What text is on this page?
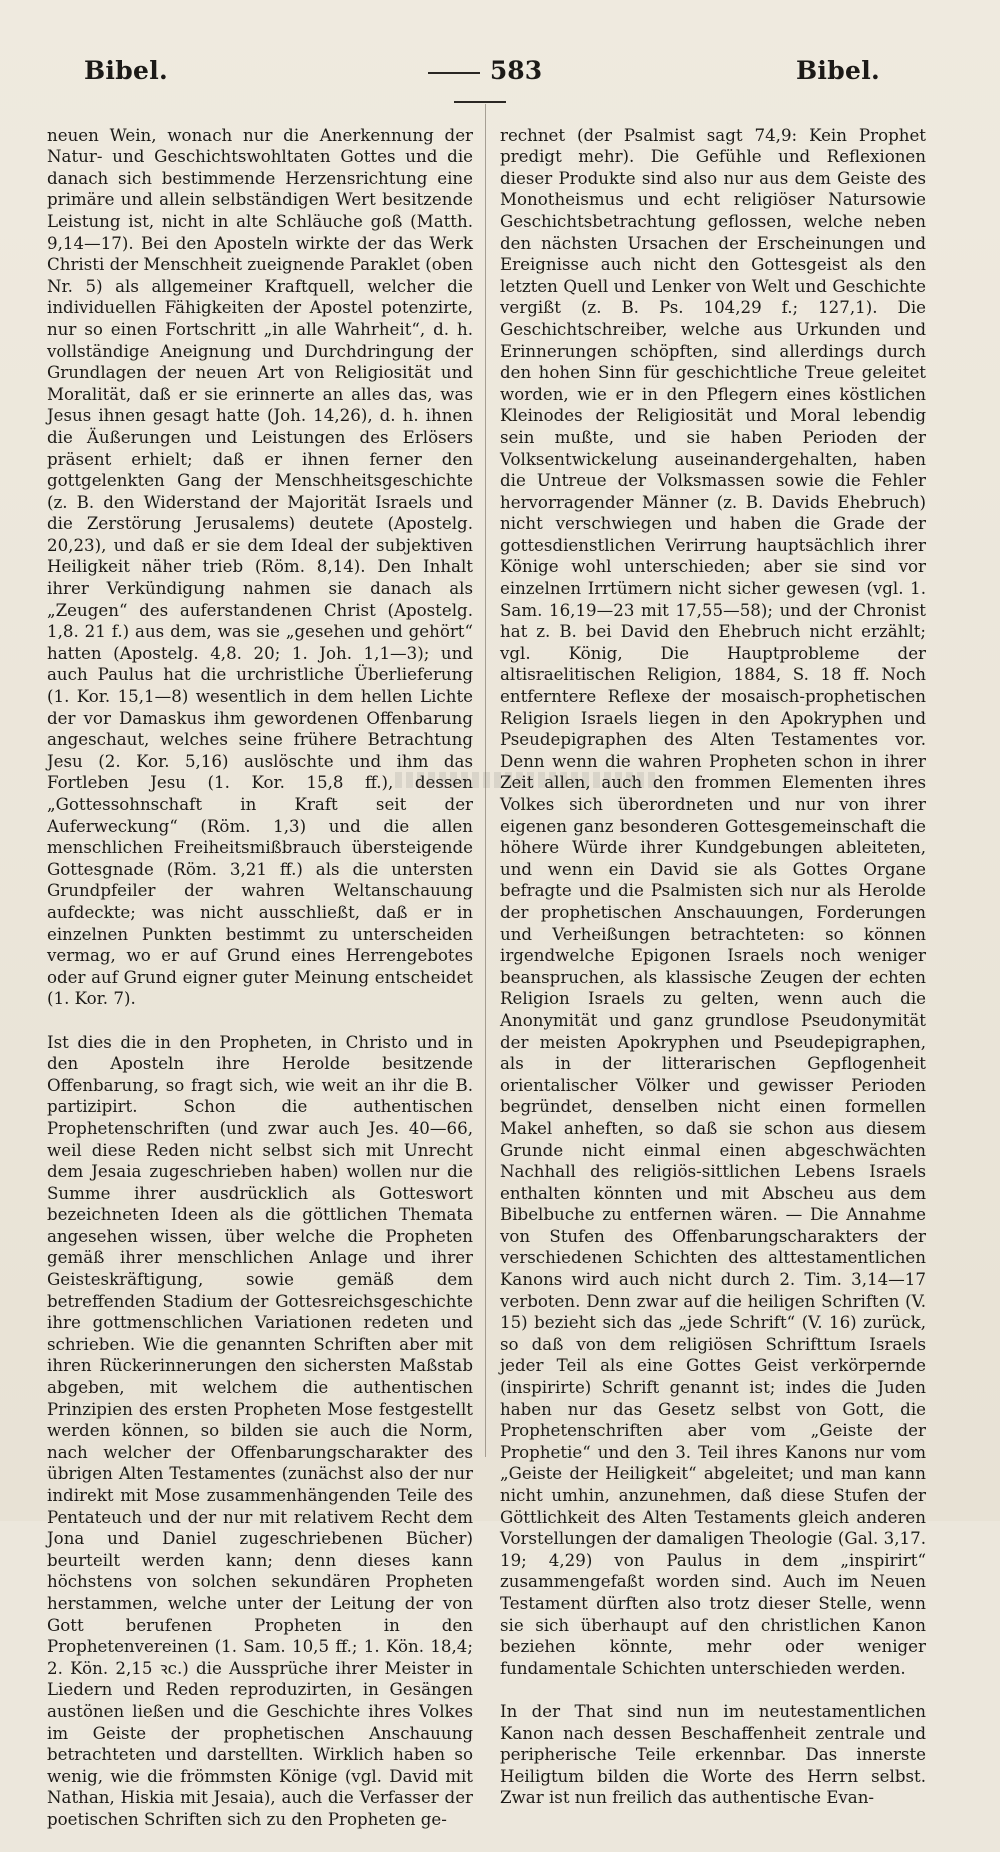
Bibel.	583	Bibel.

neuen Wein, wonach nur die Anerkennung der Natur- und Geschichtswohltaten Gottes und die danach sich bestimmende Herzensrichtung eine primäre und allein selbständigen Wert besitzende Leistung ist, nicht in alte Schläuche goß (Matth. 9,14—17). Bei den Aposteln wirkte der das Werk Christi der Menschheit zueignende Paraklet (oben Nr. 5) als allgemeiner Kraftquell, welcher die individuellen Fähigkeiten der Apostel potenzirte, nur so einen Fortschritt „in alle Wahrheit“, d. h. vollständige Aneignung und Durchdringung der Grundlagen der neuen Art von Religiosität und Moralität, daß er sie erinnerte an alles das, was Jesus ihnen gesagt hatte (Joh. 14,26), d. h. ihnen die Äußerungen und Leistungen des Erlösers präsent erhielt; daß er ihnen ferner den gottgelenkten Gang der Menschheitsgeschichte (z. B. den Widerstand der Majorität Israels und die Zerstörung Jerusalems) deutete (Apostelg. 20,23), und daß er sie dem Ideal der subjektiven Heiligkeit näher trieb (Röm. 8,14). Den Inhalt ihrer Verkündigung nahmen sie danach als „Zeugen“ des auferstandenen Christ (Apostelg. 1,8. 21 f.) aus dem, was sie „gesehen und gehört“ hatten (Apostelg. 4,8. 20; 1. Joh. 1,1—3); und auch Paulus hat die urchristliche Überlieferung (1. Kor. 15,1—8) wesentlich in dem hellen Lichte der vor Damaskus ihm gewordenen Offenbarung angeschaut, welches seine frühere Betrachtung Jesu (2. Kor. 5,16) auslöschte und ihm das Fortleben Jesu (1. Kor. 15,8 ff.), dessen „Gottessohnschaft in Kraft seit der Auferweckung“ (Röm. 1,3) und die allen menschlichen Freiheitsmißbrauch übersteigende Gottesgnade (Röm. 3,21 ff.) als die untersten Grundpfeiler der wahren Weltanschauung aufdeckte; was nicht ausschließt, daß er in einzelnen Punkten bestimmt zu unterscheiden vermag, wo er auf Grund eines Herrengebotes oder auf Grund eigner guter Meinung entscheidet (1. Kor. 7).

Ist dies die in den Propheten, in Christo und in den Aposteln ihre Herolde besitzende Offenbarung, so fragt sich, wie weit an ihr die B. partizipirt. Schon die authentischen Prophetenschriften (und zwar auch Jes. 40—66, weil diese Reden nicht selbst sich mit Unrecht dem Jesaia zugeschrieben haben) wollen nur die Summe ihrer ausdrücklich als Gotteswort bezeichneten Ideen als die göttlichen Themata angesehen wissen, über welche die Propheten gemäß ihrer menschlichen Anlage und ihrer Geisteskräftigung, sowie gemäß dem betreffenden Stadium der Gottesreichsgeschichte ihre gottmenschlichen Variationen redeten und schrieben. Wie die genannten Schriften aber mit ihren Rückerinnerungen den sichersten Maßstab abgeben, mit welchem die authentischen Prinzipien des ersten Propheten Mose festgestellt werden können, so bilden sie auch die Norm, nach welcher der Offenbarungscharakter des übrigen Alten Testamentes (zunächst also der nur indirekt mit Mose zusammenhängenden Teile des Pentateuch und der nur mit relativem Recht dem Jona und Daniel zugeschriebenen Bücher) beurteilt werden kann; denn dieses kann höchstens von solchen sekundären Propheten herstammen, welche unter der Leitung der von Gott berufenen Propheten in den Prophetenvereinen (1. Sam. 10,5 ff.; 1. Kön. 18,4; 2. Kön. 2,15 ꝛc.) die Aussprüche ihrer Meister in Liedern und Reden reproduzirten, in Gesängen austönen ließen und die Geschichte ihres Volkes im Geiste der prophetischen Anschauung betrachteten und darstellten. Wirklich haben so wenig, wie die frömmsten Könige (vgl. David mit Nathan, Hiskia mit Jesaia), auch die Verfasser der poetischen Schriften sich zu den Propheten ge-

rechnet (der Psalmist sagt 74,9: Kein Prophet predigt mehr). Die Gefühle und Reflexionen dieser Produkte sind also nur aus dem Geiste des Monotheismus und echt religiöser Natursowie Geschichtsbetrachtung geflossen, welche neben den nächsten Ursachen der Erscheinungen und Ereignisse auch nicht den Gottesgeist als den letzten Quell und Lenker von Welt und Geschichte vergißt (z. B. Ps. 104,29 f.; 127,1). Die Geschichtschreiber, welche aus Urkunden und Erinnerungen schöpften, sind allerdings durch den hohen Sinn für geschichtliche Treue geleitet worden, wie er in den Pflegern eines köstlichen Kleinodes der Religiosität und Moral lebendig sein mußte, und sie haben Perioden der Volksentwickelung auseinandergehalten, haben die Untreue der Volksmassen sowie die Fehler hervorragender Männer (z. B. Davids Ehebruch) nicht verschwiegen und haben die Grade der gottesdienstlichen Verirrung hauptsächlich ihrer Könige wohl unterschieden; aber sie sind vor einzelnen Irrtümern nicht sicher gewesen (vgl. 1. Sam. 16,19—23 mit 17,55—58); und der Chronist hat z. B. bei David den Ehebruch nicht erzählt; vgl. König, Die Hauptprobleme der altisraelitischen Religion, 1884, S. 18 ff. Noch entferntere Reflexe der mosaisch-prophetischen Religion Israels liegen in den Apokryphen und Pseudepigraphen des Alten Testamentes vor. Denn wenn die wahren Propheten schon in ihrer Zeit allen, auch den frommen Elementen ihres Volkes sich überordneten und nur von ihrer eigenen ganz besonderen Gottesgemeinschaft die höhere Würde ihrer Kundgebungen ableiteten, und wenn ein David sie als Gottes Organe befragte und die Psalmisten sich nur als Herolde der prophetischen Anschauungen, Forderungen und Verheißungen betrachteten: so können irgendwelche Epigonen Israels noch weniger beanspruchen, als klassische Zeugen der echten Religion Israels zu gelten, wenn auch die Anonymität und ganz grundlose Pseudonymität der meisten Apokryphen und Pseudepigraphen, als in der litterarischen Gepflogenheit orientalischer Völker und gewisser Perioden begründet, denselben nicht einen formellen Makel anheften, so daß sie schon aus diesem Grunde nicht einmal einen abgeschwächten Nachhall des religiös-sittlichen Lebens Israels enthalten könnten und mit Abscheu aus dem Bibelbuche zu entfernen wären. — Die Annahme von Stufen des Offenbarungscharakters der verschiedenen Schichten des alttestamentlichen Kanons wird auch nicht durch 2. Tim. 3,14—17 verboten. Denn zwar auf die heiligen Schriften (V. 15) bezieht sich das „jede Schrift“ (V. 16) zurück, so daß von dem religiösen Schrifttum Israels jeder Teil als eine Gottes Geist verkörpernde (inspirirte) Schrift genannt ist; indes die Juden haben nur das Gesetz selbst von Gott, die Prophetenschriften aber vom „Geiste der Prophetie“ und den 3. Teil ihres Kanons nur vom „Geiste der Heiligkeit“ abgeleitet; und man kann nicht umhin, anzunehmen, daß diese Stufen der Göttlichkeit des Alten Testaments gleich anderen Vorstellungen der damaligen Theologie (Gal. 3,17. 19; 4,29) von Paulus in dem „inspirirt“ zusammengefaßt worden sind. Auch im Neuen Testament dürften also trotz dieser Stelle, wenn sie sich überhaupt auf den christlichen Kanon beziehen könnte, mehr oder weniger fundamentale Schichten unterschieden werden.

In der That sind nun im neutestamentlichen Kanon nach dessen Beschaffenheit zentrale und peripherische Teile erkennbar. Das innerste Heiligtum bilden die Worte des Herrn selbst. Zwar ist nun freilich das authentische Evan-
